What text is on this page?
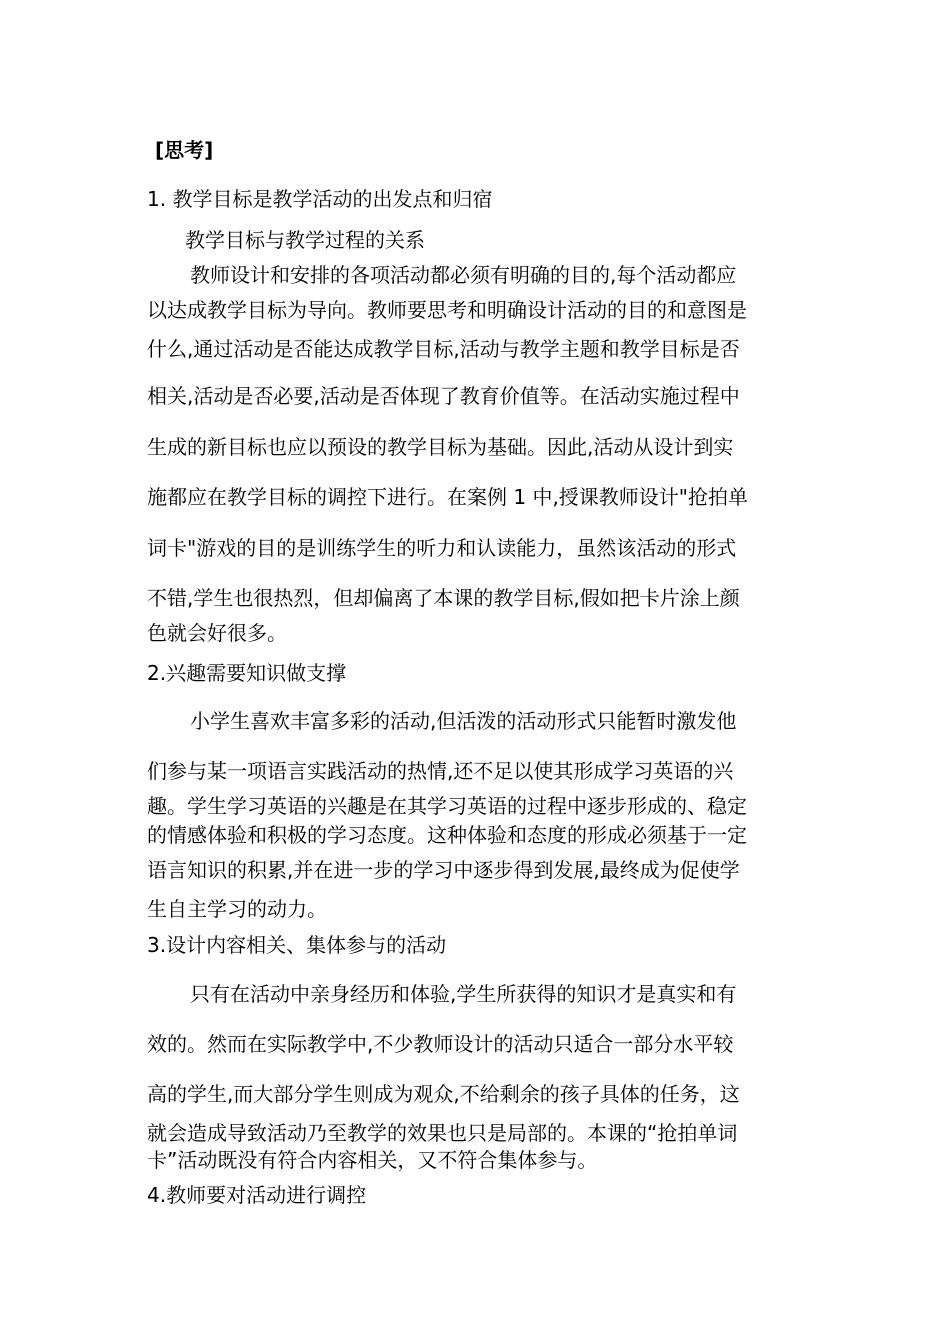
[思考]
1. 教学目标是教学活动的出发点和归宿
教学目标与教学过程的关系
教师设计和安排的各项活动都必须有明确的目的,每个活动都应
以达成教学目标为导向。教师要思考和明确设计活动的目的和意图是
什么,通过活动是否能达成教学目标,活动与教学主题和教学目标是否
相关,活动是否必要,活动是否体现了教育价值等。在活动实施过程中
生成的新目标也应以预设的教学目标为基础。因此,活动从设计到实
施都应在教学目标的调控下进行。在案例 1 中,授课教师设计"抢拍单
词卡"游戏的目的是训练学生的听力和认读能力，虽然该活动的形式
不错,学生也很热烈，但却偏离了本课的教学目标,假如把卡片涂上颜
色就会好很多。
2.兴趣需要知识做支撑
小学生喜欢丰富多彩的活动,但活泼的活动形式只能暂时激发他
们参与某一项语言实践活动的热情,还不足以使其形成学习英语的兴
趣。学生学习英语的兴趣是在其学习英语的过程中逐步形成的、稳定
的情感体验和积极的学习态度。这种体验和态度的形成必须基于一定
语言知识的积累,并在进一步的学习中逐步得到发展,最终成为促使学
生自主学习的动力。
3.设计内容相关、集体参与的活动
只有在活动中亲身经历和体验,学生所获得的知识才是真实和有
效的。然而在实际教学中,不少教师设计的活动只适合一部分水平较
高的学生,而大部分学生则成为观众,不给剩余的孩子具体的任务，这
就会造成导致活动乃至教学的效果也只是局部的。本课的“抢拍单词
卡”活动既没有符合内容相关，又不符合集体参与。
4.教师要对活动进行调控
